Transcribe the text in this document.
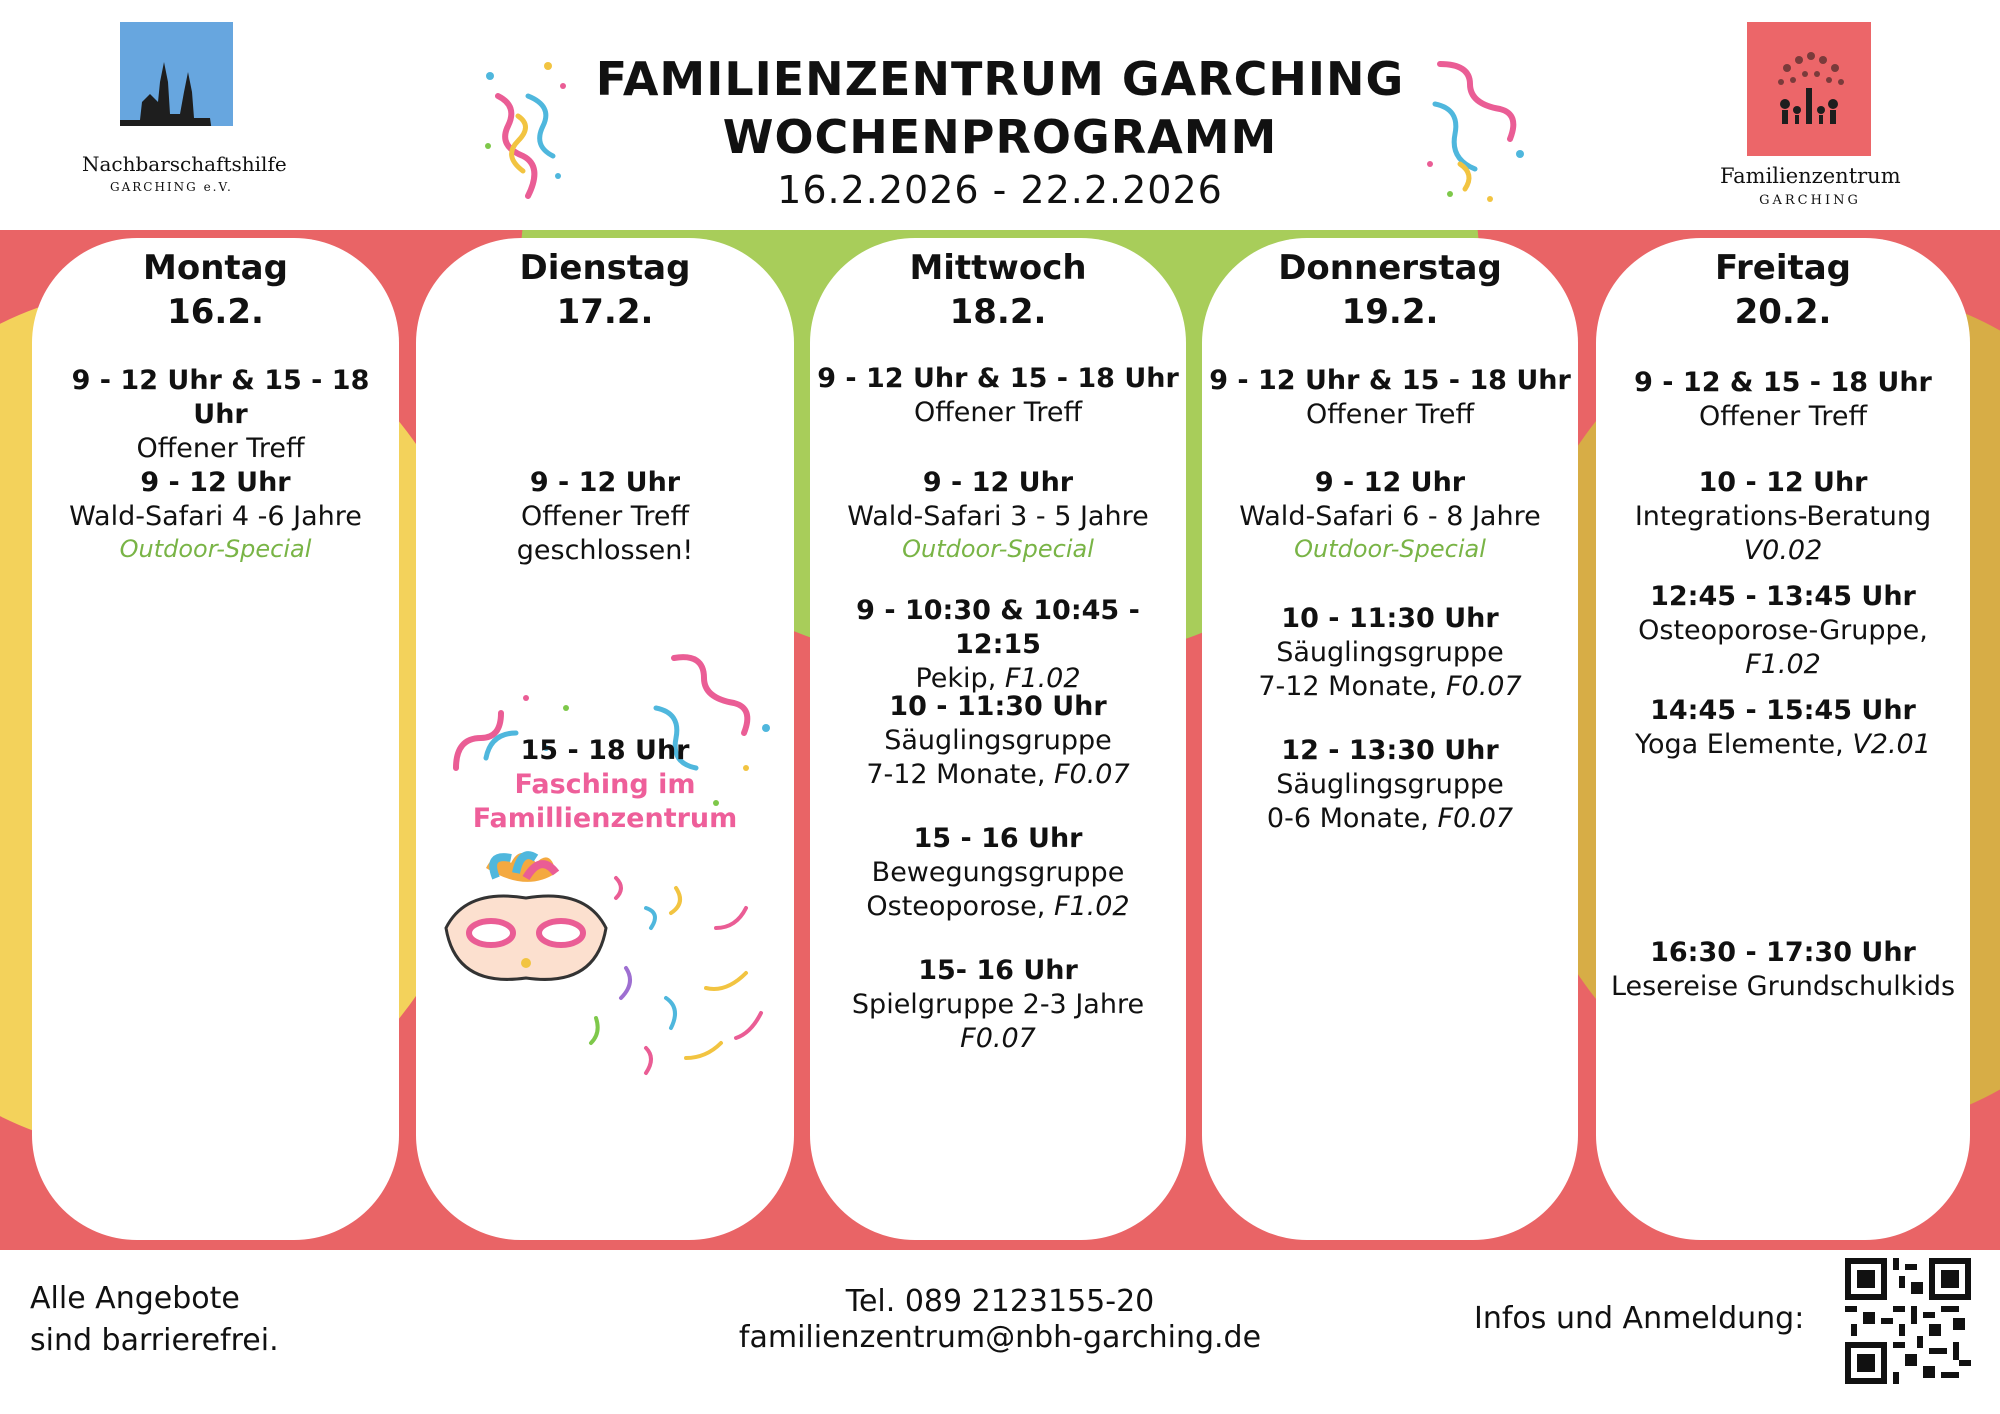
FAMILIENZENTRUM GARCHING
WOCHENPROGRAMM
16.2.2026 - 22.2.2026
Nachbarschaftshilfe
GARCHING e.V.	Familienzentrum
GARCHING
Montag
16.2.
9 - 12 Uhr & 15 - 18 Uhr
Offener Treff
9 - 12 Uhr
Wald-Safari 4 -6 Jahre
Outdoor-Special
Dienstag
17.2.
9 - 12 Uhr
Offener Treff
geschlossen!
15 - 18 Uhr
Fasching im
Famillienzentrum
Mittwoch
18.2.
9 - 12 Uhr & 15 - 18 Uhr
Offener Treff
9 - 12 Uhr
Wald-Safari 3 - 5 Jahre
Outdoor-Special
9 - 10:30 & 10:45 - 12:15
Pekip, F1.02
10 - 11:30 Uhr
Säuglingsgruppe
7-12 Monate, F0.07
15 - 16 Uhr
Bewegungsgruppe
Osteoporose, F1.02
15- 16 Uhr
Spielgruppe 2-3 Jahre
F0.07
Donnerstag
19.2.
9 - 12 Uhr & 15 - 18 Uhr
Offener Treff
9 - 12 Uhr
Wald-Safari 6 - 8 Jahre
Outdoor-Special
10 - 11:30 Uhr
Säuglingsgruppe
7-12 Monate, F0.07
12 - 13:30 Uhr
Säuglingsgruppe
0-6 Monate, F0.07
Freitag
20.2.
9 - 12 & 15 - 18 Uhr
Offener Treff
10 - 12 Uhr
Integrations-Beratung
V0.02
12:45 - 13:45 Uhr
Osteoporose-Gruppe,
F1.02
14:45 - 15:45 Uhr
Yoga Elemente, V2.01
16:30 - 17:30 Uhr
Lesereise Grundschulkids
Alle Angebote
sind barrierefrei.
Tel. 089 2123155-20
familienzentrum@nbh-garching.de
Infos und Anmeldung:
